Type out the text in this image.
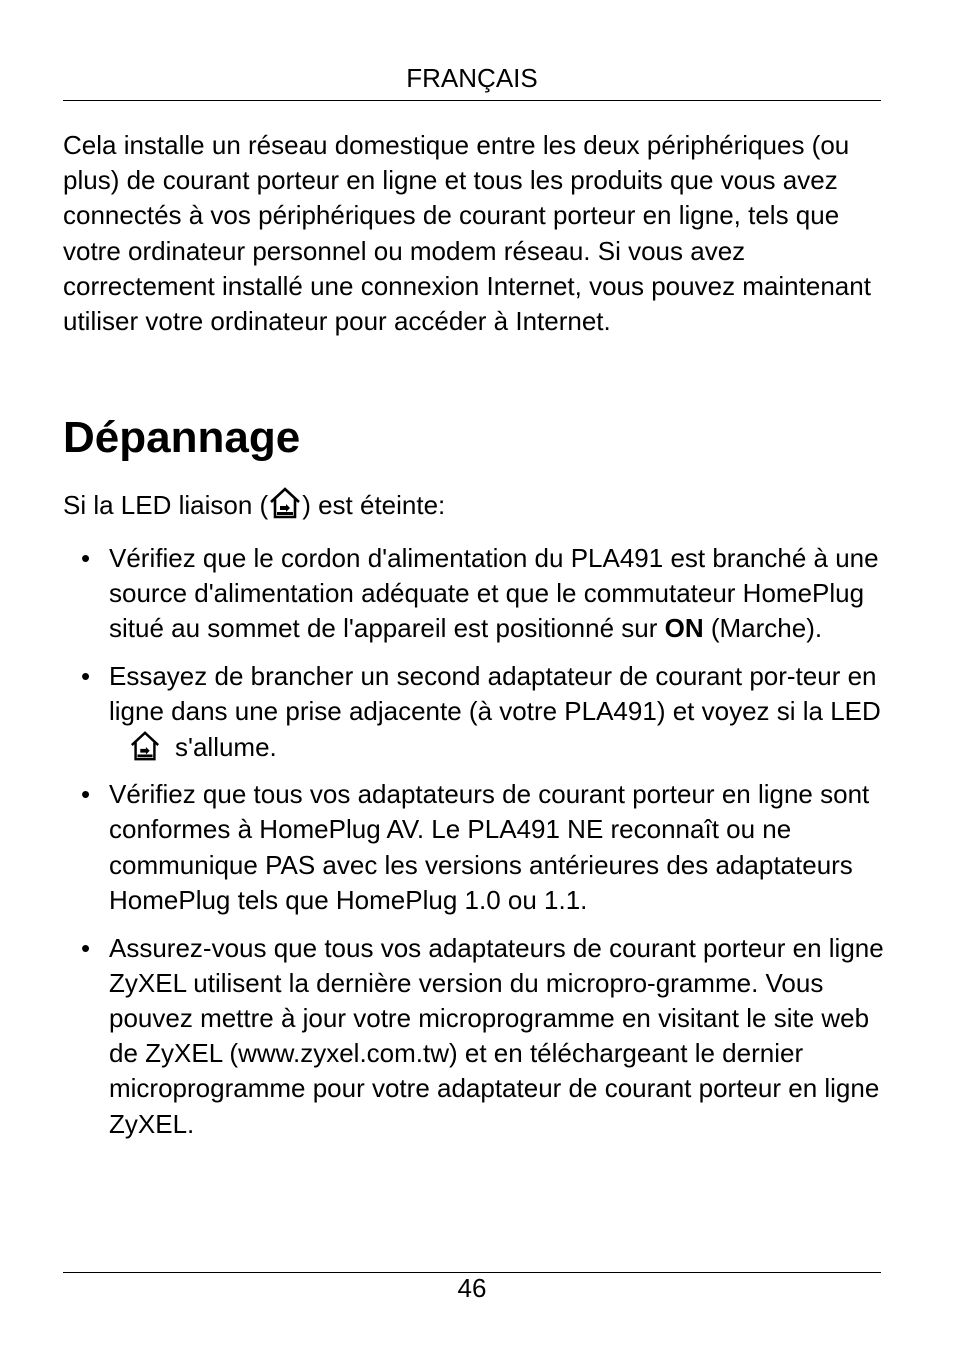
FRANÇAIS

Cela installe un réseau domestique entre les deux périphériques (ou plus) de courant porteur en ligne et tous les produits que vous avez connectés à vos périphériques de courant porteur en ligne, tels que votre ordinateur personnel ou modem réseau. Si vous avez correctement installé une connexion Internet, vous pouvez maintenant utiliser votre ordinateur pour accéder à Internet.

Dépannage

Si la LED liaison ( ) est éteinte:

• Vérifiez que le cordon d'alimentation du PLA491 est branché à une source d'alimentation adéquate et que le commutateur HomePlug situé au sommet de l'appareil est positionné sur ON (Marche).
• Essayez de brancher un second adaptateur de courant por-teur en ligne dans une prise adjacente (à votre PLA491) et voyez si la LED
s'allume.
• Vérifiez que tous vos adaptateurs de courant porteur en ligne sont conformes à HomePlug AV. Le PLA491 NE reconnaît ou ne communique PAS avec les versions antérieures des adaptateurs HomePlug tels que HomePlug 1.0 ou 1.1.
• Assurez-vous que tous vos adaptateurs de courant porteur en ligne ZyXEL utilisent la dernière version du micropro-gramme. Vous pouvez mettre à jour votre microprogramme en visitant le site web de ZyXEL (www.zyxel.com.tw) et en téléchargeant le dernier microprogramme pour votre adaptateur de courant porteur en ligne ZyXEL.
46
